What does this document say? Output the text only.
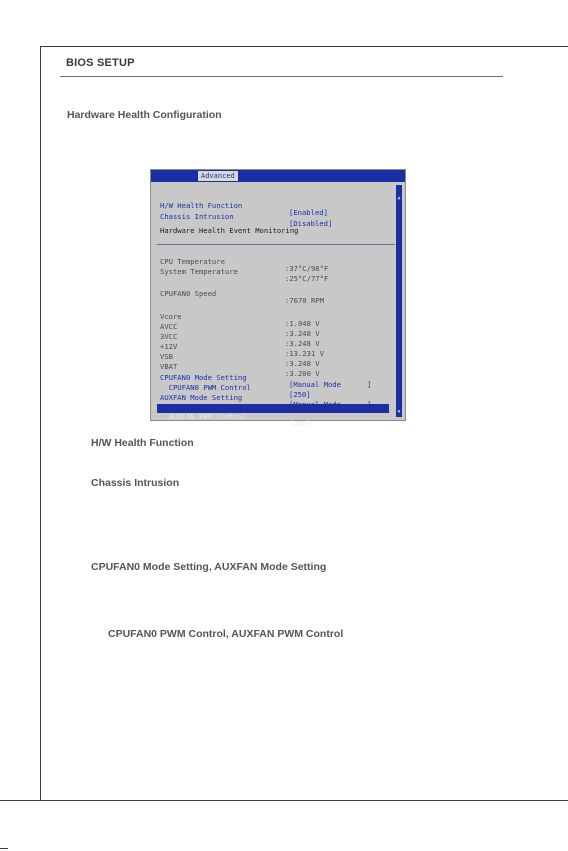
BIOS SETUP
Hardware Health Configuration
Advanced

H/W Health Function

[Enabled]

Chassis Intrusion

[Disabled]

Hardware Health Event Monitoring

CPU Temperature

:37°C/98°F

System Temperature

:25°C/77°F

CPUFAN0 Speed

:7670 RPM

Vcore

:1.048 V

AVCC

:3.248 V

3VCC

:3.248 V

+12V

:13.231 V

VSB

:3.248 V

VBAT

:3.200 V

CPUFAN0 Mode Setting

[Manual Mode      ]

CPUFAN0 PWM Control

[250]

AUXFAN Mode Setting

AUXFAN PWM Control

[250]

▲
▼
H/W Health Function
Chassis Intrusion
CPUFAN0 Mode Setting, AUXFAN Mode Setting
CPUFAN0 PWM Control, AUXFAN PWM Control
